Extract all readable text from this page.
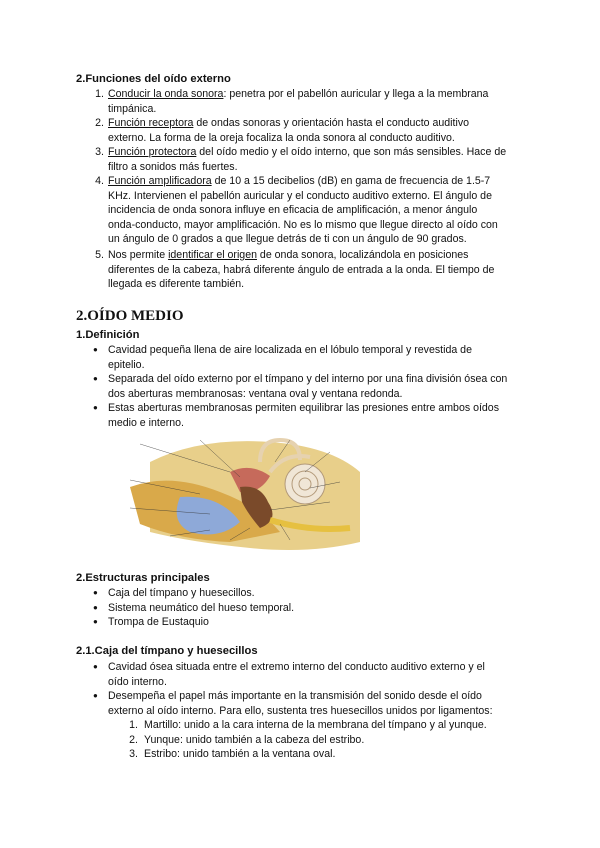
2.Funciones del oído externo
1. Conducir la onda sonora: penetra por el pabellón auricular y llega a la membrana
timpánica.
2. Función receptora de ondas sonoras y orientación hasta el conducto auditivo
externo. La forma de la oreja focaliza la onda sonora al conducto auditivo.
3. Función protectora del oído medio y el oído interno, que son más sensibles. Hace de
filtro a sonidos más fuertes.
4. Función amplificadora de 10 a 15 decibelios (dB) en gama de frecuencia de 1.5-7
KHz. Intervienen el pabellón auricular y el conducto auditivo externo. El ángulo de
incidencia de onda sonora influye en eficacia de amplificación, a menor ángulo
onda-conducto, mayor amplificación. No es lo mismo que llegue directo al oído con
un ángulo de 0 grados a que llegue detrás de ti con un ángulo de 90 grados.
5. Nos permite identificar el origen de onda sonora, localizándola en posiciones
diferentes de la cabeza, habrá diferente ángulo de entrada a la onda. El tiempo de
llegada es diferente también.
2.OÍDO MEDIO
1.Definición
● Cavidad pequeña llena de aire localizada en el lóbulo temporal y revestida de
epitelio.
● Separada del oído externo por el tímpano y del interno por una fina división ósea con
dos aberturas membranosas: ventana oval y ventana redonda.
● Estas aberturas membranosas permiten equilibrar las presiones entre ambos oídos
medio e interno.
2.Estructuras principales
● Caja del tímpano y huesecillos.
● Sistema neumático del hueso temporal.
● Trompa de Eustaquio
2.1.Caja del tímpano y huesecillos
● Cavidad ósea situada entre el extremo interno del conducto auditivo externo y el
oído interno.
● Desempeña el papel más importante en la transmisión del sonido desde el oído
externo al oído interno. Para ello, sustenta tres huesecillos unidos por ligamentos:
1. Martillo: unido a la cara interna de la membrana del tímpano y al yunque.
2. Yunque: unido también a la cabeza del estribo.
3. Estribo: unido también a la ventana oval.
